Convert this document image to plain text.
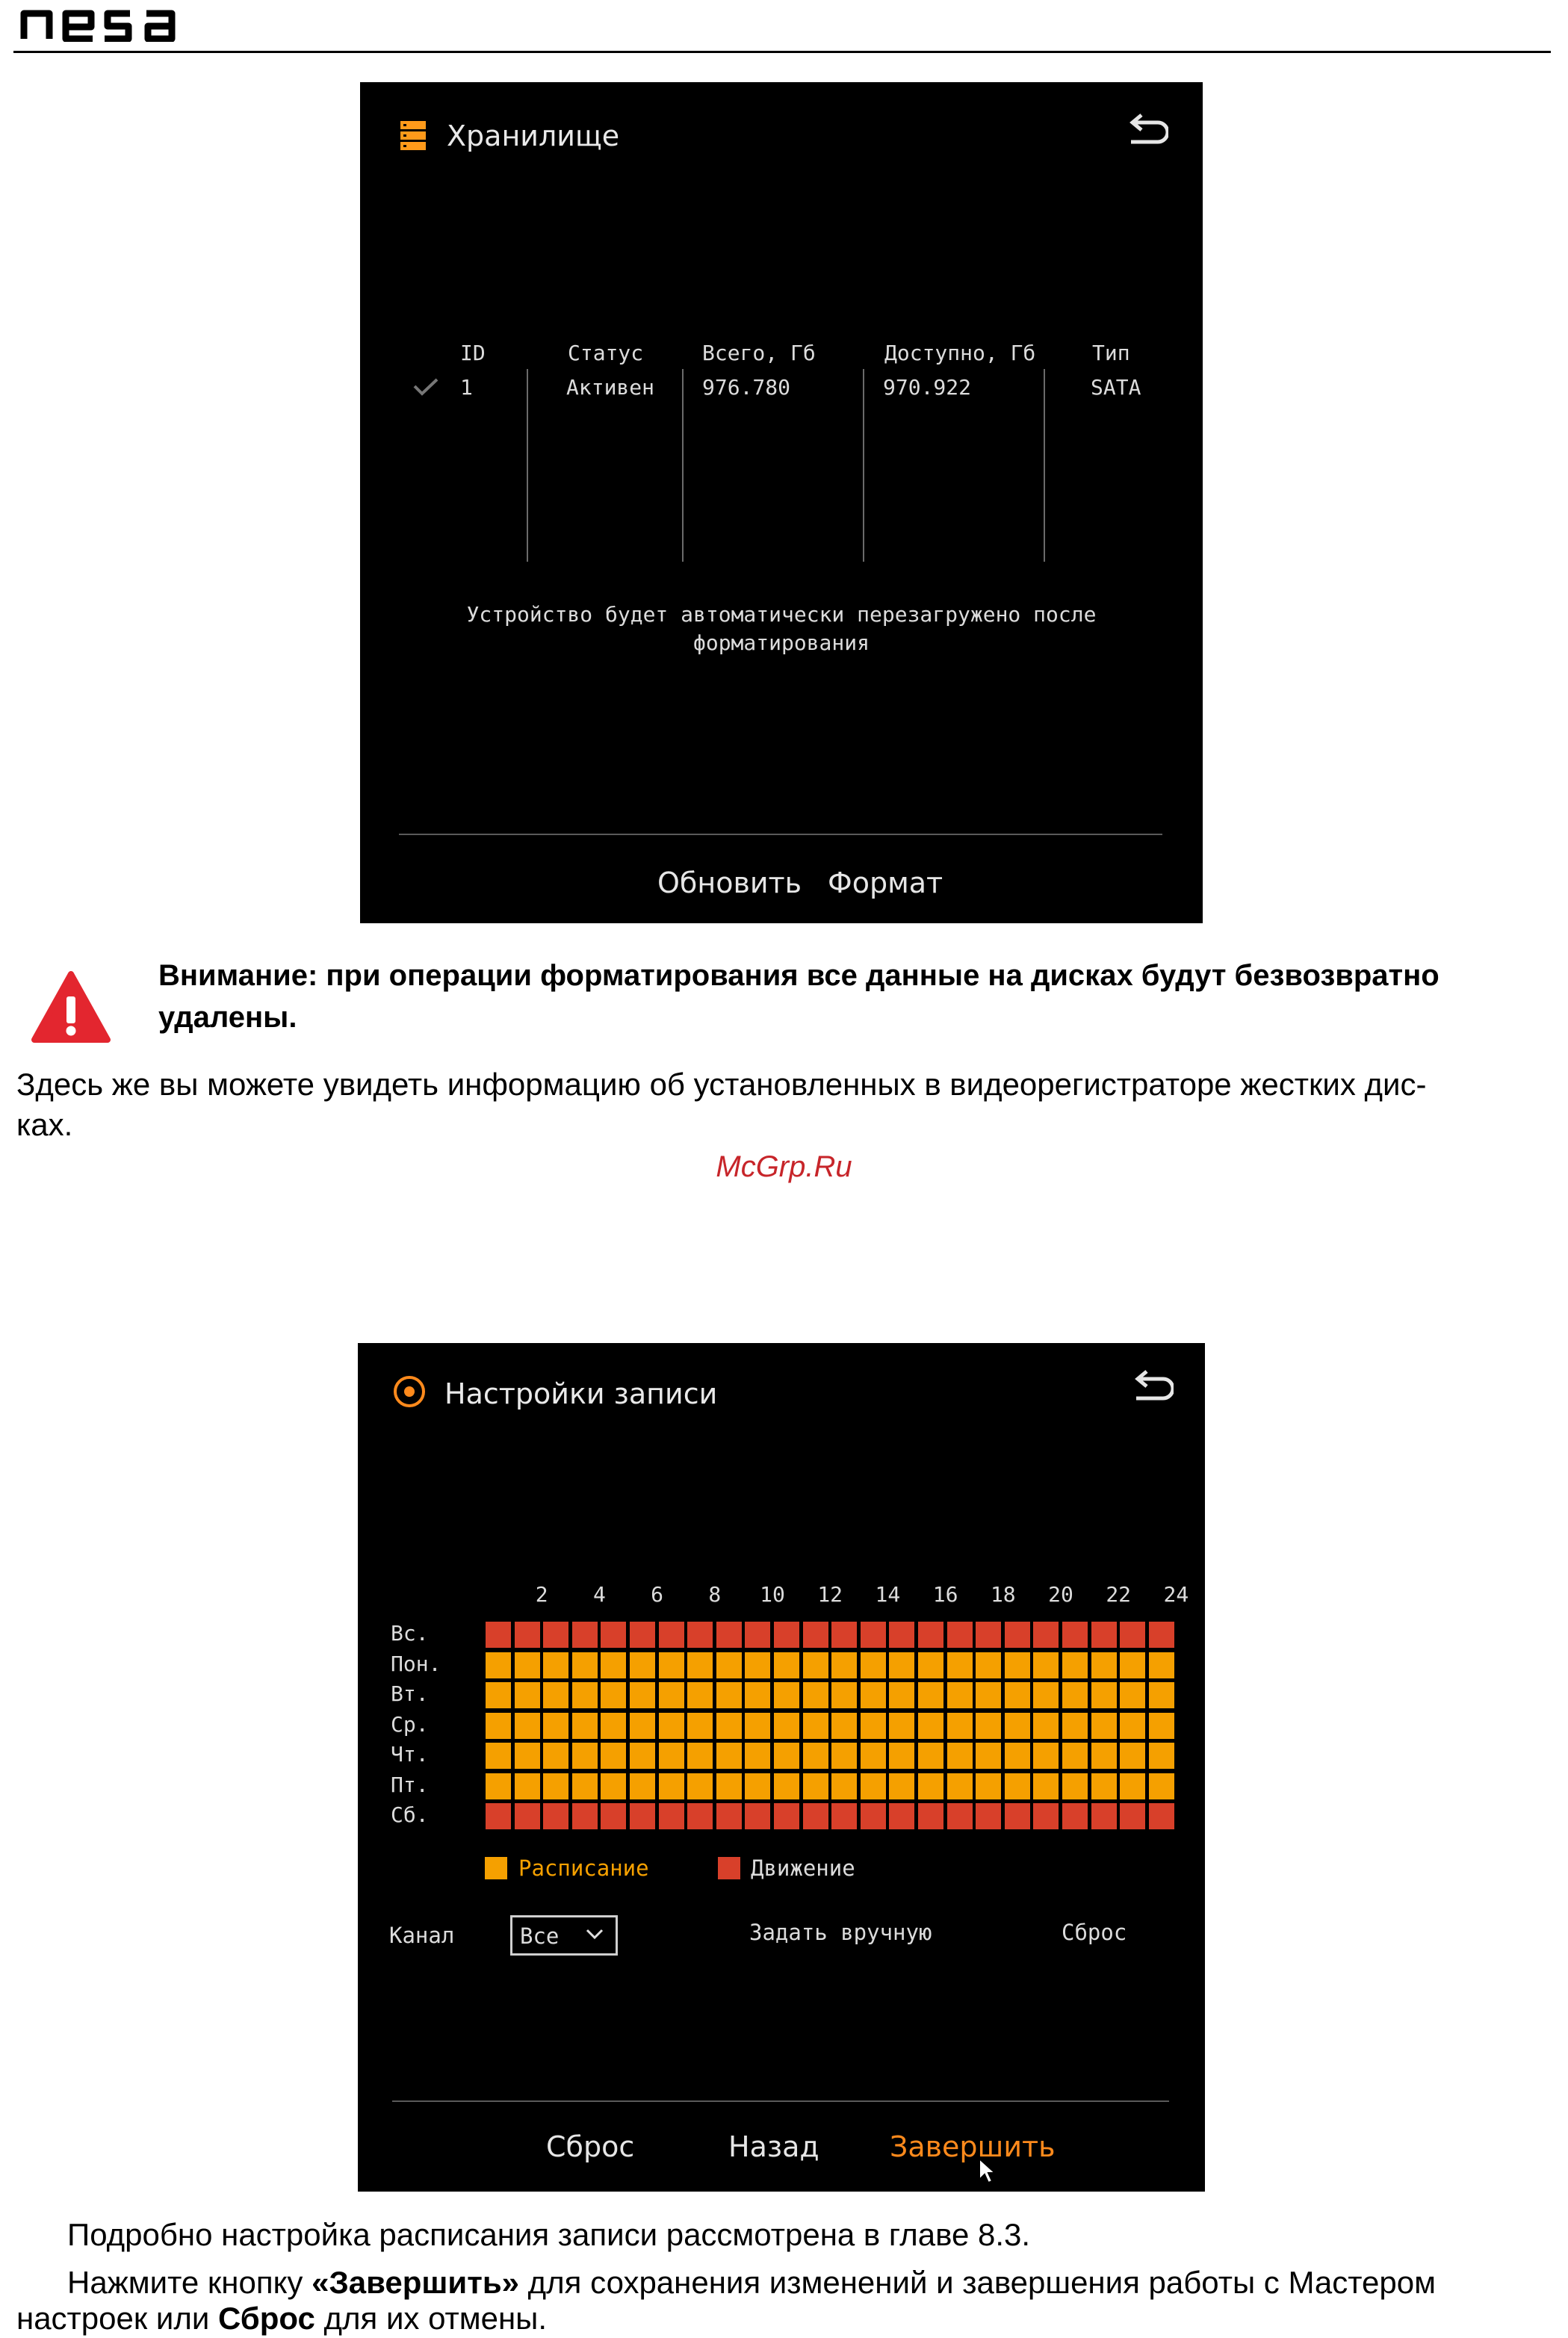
Хранилище
ID	Статус	Всего, Гб	Доступно, Гб	Тип
1	Активен 976.780	970.922	SATA
Устройство будет автоматически перезагружено после
форматирования
Обновить Формат
Внимание: при операции форматирования все данные на дисках будут безвозвратно удалены.
Здесь же вы можете увидеть информацию об установленных в видеорегистраторе жестких дис-
ках.
McGrp.Ru
Настройки записи
2	4	6	8	10 12 14 16 18 20 22 24
Вс.
Пон.
Вт.
Ср.
Чт.
Пт.
Сб.
Расписание	Движение
Канал	Все	Задать вручную	Сброс
Сброс	Назад Завершить
Подробно настройка расписания записи рассмотрена в главе 8.3.
Нажмите кнопку «Завершить» для сохранения изменений и завершения работы с Мастером
настроек или Сброс для их отмены.
